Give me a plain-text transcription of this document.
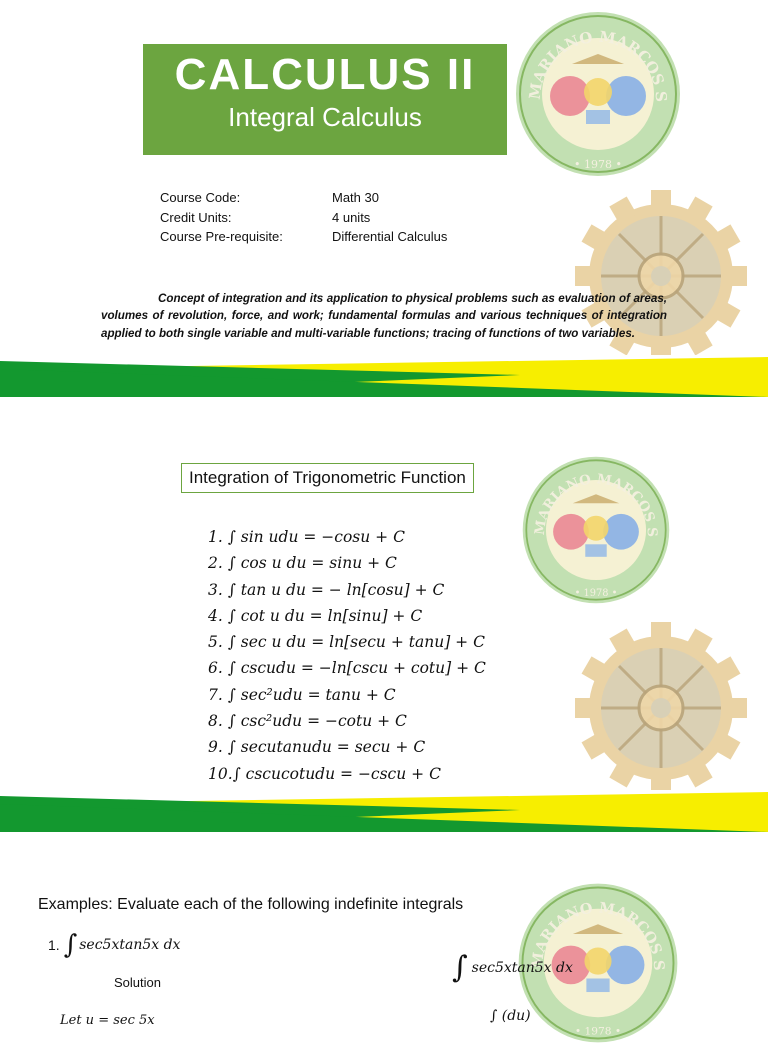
CALCULUS II
Integral Calculus
Course Code:	Math 30
Credit Units:	4 units
Course Pre-requisite:	Differential Calculus
Concept of integration and its application to physical problems such as evaluation of areas, volumes of revolution, force, and work; fundamental formulas and various techniques of integration applied to both single variable and multi-variable functions; tracing of functions of two variables.
Integration of Trigonometric Function
1. ∫ sin udu = −cosu + C
2. ∫ cos u du = sinu + C
3. ∫ tan u du = − ln[cosu] + C
4. ∫ cot u du = ln[sinu] + C
5. ∫ sec u du = ln[secu + tanu] + C
6. ∫ cscudu = −ln[cscu + cotu] + C
7. ∫ sec²udu = tanu + C
8. ∫ csc²udu = −cotu + C
9. ∫ secutanudu = secu + C
10.∫ cscucotudu = −cscu + C
Examples: Evaluate each of the following indefinite integrals
1. ∫ sec5xtan5x dx
Solution	∫ sec5xtan5x dx
Let u = sec 5x	∫ (du)
